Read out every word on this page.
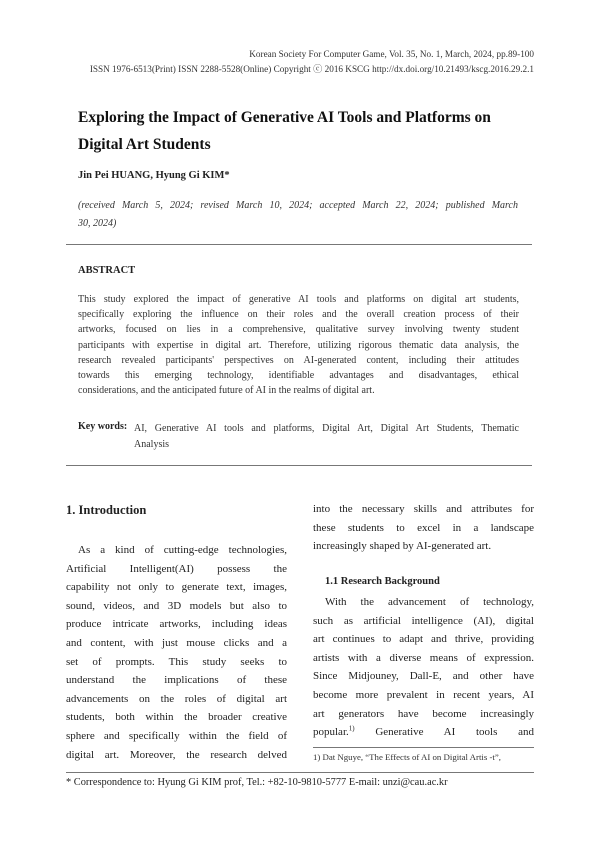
Korean Society For Computer Game, Vol. 35, No. 1, March, 2024, pp.89-100
ISSN 1976-6513(Print) ISSN 2288-5528(Online) Copyright ⓒ 2016 KSCG http://dx.doi.org/10.21493/kscg.2016.29.2.1
Exploring the Impact of Generative AI Tools and Platforms on
Digital Art Students
Jin Pei HUANG, Hyung Gi KIM*
(received March 5, 2024; revised March 10, 2024; accepted March 22, 2024; published March
30, 2024)
ABSTRACT
This study explored the impact of generative AI tools and platforms on digital art students,
specifically exploring the influence on their roles and the overall creation process of their
artworks, focused on lies in a comprehensive, qualitative survey involving twenty student
participants with expertise in digital art. Therefore, utilizing rigorous thematic data analysis, the
research revealed participants' perspectives on AI-generated content, including their attitudes
towards this emerging technology, identifiable advantages and disadvantages, ethical
considerations, and the anticipated future of AI in the realms of digital art.
Key words: AI, Generative AI tools and platforms, Digital Art, Digital Art Students, Thematic
Analysis
1. Introduction
As a kind of cutting-edge technologies,
Artificial Intelligent(AI) possess the
capability not only to generate text, images,
sound, videos, and 3D models but also to
produce intricate artworks, including ideas
and content, with just mouse clicks and a
set of prompts. This study seeks to
understand the implications of these
advancements on the roles of digital art
students, both within the broader creative
sphere and specifically within the field of
digital art. Moreover, the research delved
into the necessary skills and attributes for
these students to excel in a landscape
increasingly shaped by AI-generated art.
1.1 Research Background
With the advancement of technology,
such as artificial intelligence (AI), digital
art continues to adapt and thrive, providing
artists with a diverse means of expression.
Since Midjouney, Dall-E, and other have
become more prevalent in recent years, AI
art generators have become increasingly
popular.$^{1)}$ Generative AI tools and
1) Dat Nguye, “The Effects of AI on Digital Artis -t”,
* Correspondence to: Hyung Gi KIM prof, Tel.: +82-10-9810-5777 E-mail: unzi@cau.ac.kr
